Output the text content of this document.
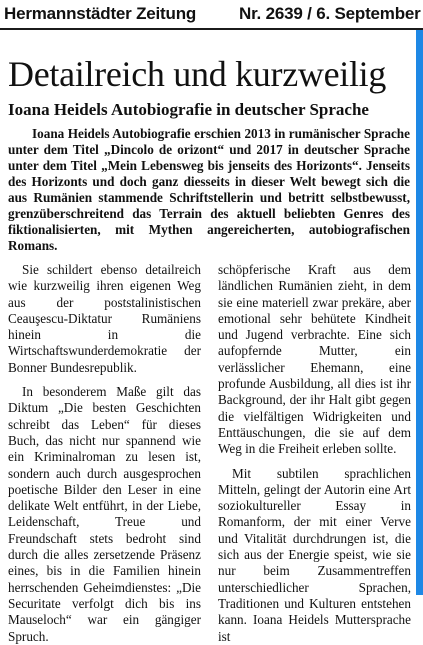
Hermannstädter Zeitung	Nr. 2639 / 6. September
Detailreich und kurzweilig
Ioana Heidels Autobiografie in deutscher Sprache

Ioana Heidels Autobiografie erschien 2013 in rumänischer Sprache unter dem Titel „Dincolo de orizont“ und 2017 in deutscher Sprache unter dem Titel „Mein Lebensweg bis jenseits des Horizonts“. Jenseits des Horizonts und doch ganz diesseits in dieser Welt bewegt sich die aus Rumänien stammende Schriftstellerin und betritt selbstbewusst, grenzüberschreitend das Terrain des aktuell beliebten Genres des fiktionalisierten, mit Mythen angereicherten, autobiografischen Romans.

Sie schildert ebenso detailreich wie kurzweilig ihren eigenen Weg aus der poststalinistischen Ceauşescu-Diktatur Rumäniens hinein in die Wirtschaftswunderdemokratie der Bonner Bundesrepublik.

In besonderem Maße gilt das Diktum „Die besten Geschichten schreibt das Leben“ für dieses Buch, das nicht nur spannend wie ein Kriminalroman zu lesen ist, sondern auch durch ausgesprochen poetische Bilder den Leser in eine delikate Welt entführt, in der Liebe, Leidenschaft, Treue und Freundschaft stets bedroht sind durch die alles zersetzende Präsenz eines, bis in die Familien hinein herrschenden Geheimdienstes: „Die Securitate verfolgt dich bis ins Mauseloch“ war ein gängiger Spruch.

schöpferische Kraft aus dem ländlichen Rumänien zieht, in dem sie eine materiell zwar prekäre, aber emotional sehr behütete Kindheit und Jugend verbrachte. Eine sich aufopfernde Mutter, ein verlässlicher Ehemann, eine profunde Ausbildung, all dies ist ihr Background, der ihr Halt gibt gegen die vielfältigen Widrigkeiten und Enttäuschungen, die sie auf dem Weg in die Freiheit erleben sollte.

Mit subtilen sprachlichen Mitteln, gelingt der Autorin eine Art soziokultureller Essay in Romanform, der mit einer Verve und Vitalität durchdrungen ist, die sich aus der Energie speist, wie sie nur beim Zusammentreffen unterschiedlicher Sprachen, Traditionen und Kulturen entstehen kann. Ioana Heidels Muttersprache ist
